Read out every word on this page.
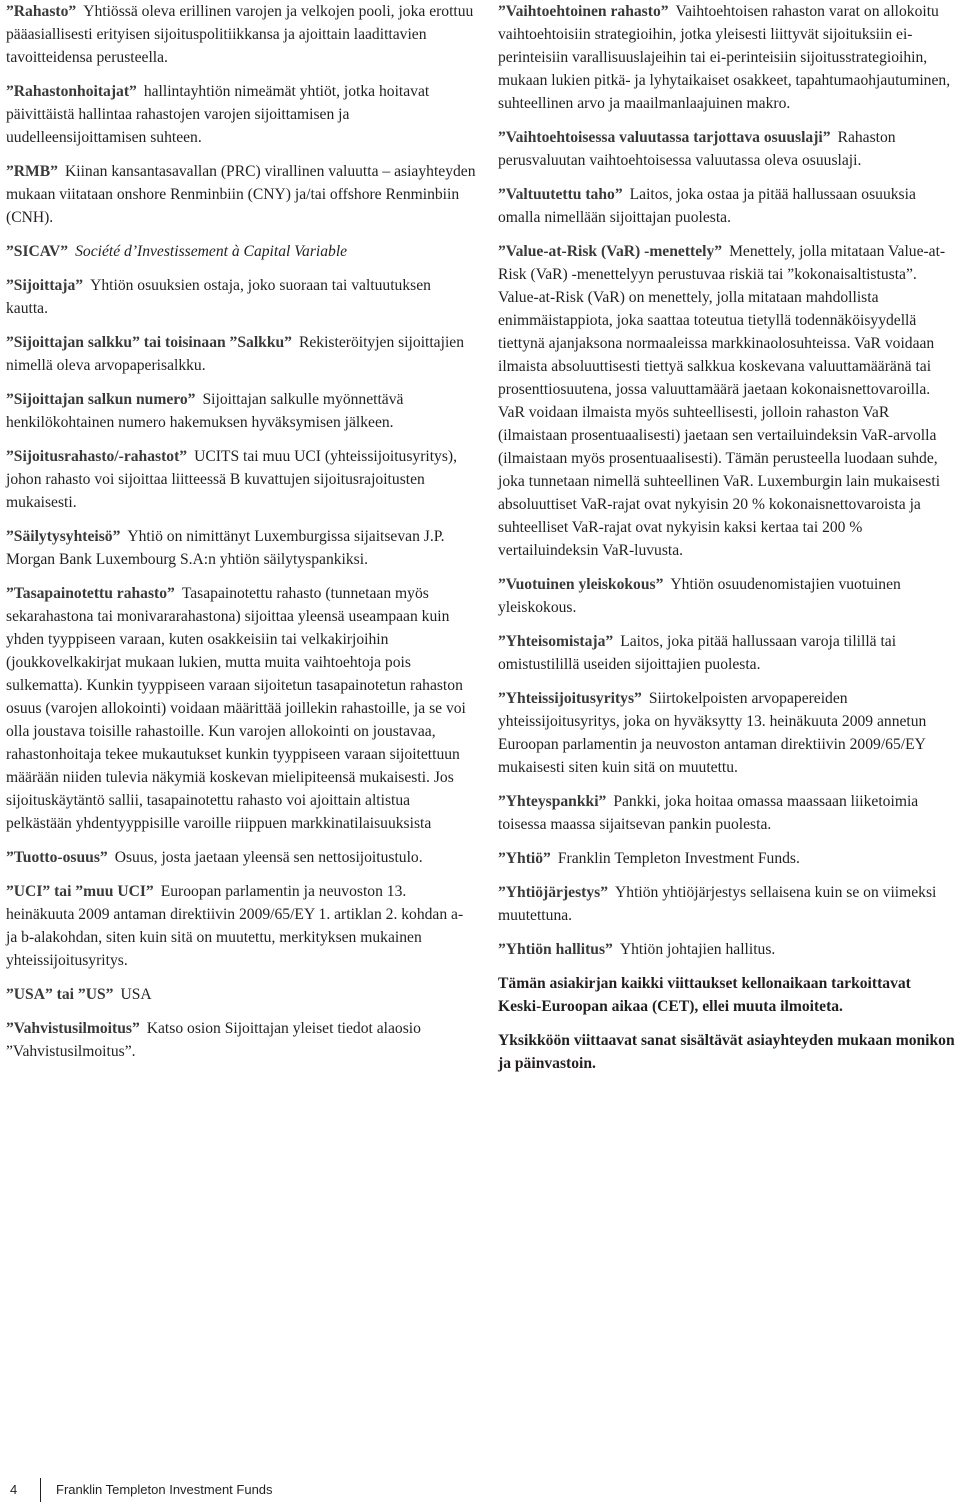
”Rahasto” Yhtiössä oleva erillinen varojen ja velkojen pooli, joka erottuu pääasiallisesti erityisen sijoituspolitiikkansa ja ajoittain laadittavien tavoitteidensa perusteella.

”Rahastonhoitajat” hallintayhtiön nimeämät yhtiöt, jotka hoitavat päivittäistä hallintaa rahastojen varojen sijoittamisen ja uudelleensijoittamisen suhteen.

”RMB” Kiinan kansantasavallan (PRC) virallinen valuutta – asiayhteyden mukaan viitataan onshore Renminbiin (CNY) ja/tai offshore Renminbiin (CNH).

”SICAV” Société d’Investissement à Capital Variable

”Sijoittaja” Yhtiön osuuksien ostaja, joko suoraan tai valtuutuksen kautta.

”Sijoittajan salkku” tai toisinaan ”Salkku” Rekisteröityjen sijoittajien nimellä oleva arvopaperisalkku.

”Sijoittajan salkun numero” Sijoittajan salkulle myönnettävä henkilökohtainen numero hakemuksen hyväksymisen jälkeen.

”Sijoitusrahasto/-rahastot” UCITS tai muu UCI (yhteissijoitusyritys), johon rahasto voi sijoittaa liitteessä B kuvattujen sijoitusrajoitusten mukaisesti.

”Säilytysyhteisö” Yhtiö on nimittänyt Luxemburgissa sijaitsevan J.P. Morgan Bank Luxembourg S.A:n yhtiön säilytyspankiksi.

”Tasapainotettu rahasto” Tasapainotettu rahasto (tunnetaan myös sekarahastona tai monivararahastona) sijoittaa yleensä useampaan kuin yhden tyyppiseen varaan, kuten osakkeisiin tai velkakirjoihin (joukkovelkakirjat mukaan lukien, mutta muita vaihtoehtoja pois sulkematta). Kunkin tyyppiseen varaan sijoitetun tasapainotetun rahaston osuus (varojen allokointi) voidaan määrittää joillekin rahastoille, ja se voi olla joustava toisille rahastoille. Kun varojen allokointi on joustavaa, rahastonhoitaja tekee mukautukset kunkin tyyppiseen varaan sijoitettuun määrään niiden tulevia näkymiä koskevan mielipiteensä mukaisesti. Jos sijoituskäytäntö sallii, tasapainotettu rahasto voi ajoittain altistua pelkästään yhdentyyppisille varoille riippuen markkinatilaisuuksista

”Tuotto-osuus” Osuus, josta jaetaan yleensä sen nettosijoitustulo.

”UCI” tai ”muu UCI” Euroopan parlamentin ja neuvoston 13. heinäkuuta 2009 antaman direktiivin 2009/65/EY 1. artiklan 2. kohdan a- ja b-alakohdan, siten kuin sitä on muutettu, merkityksen mukainen yhteissijoitusyritys.

”USA” tai ”US” USA

”Vahvistusilmoitus” Katso osion Sijoittajan yleiset tiedot alaosio ”Vahvistusilmoitus”.

”Vaihtoehtoinen rahasto” Vaihtoehtoisen rahaston varat on allokoitu vaihtoehtoisiin strategioihin, jotka yleisesti liittyvät sijoituksiin ei-perinteisiin varallisuuslajeihin tai ei-perinteisiin sijoitusstrategioihin, mukaan lukien pitkä- ja lyhytaikaiset osakkeet, tapahtumaohjautuminen, suhteellinen arvo ja maailmanlaajuinen makro.

”Vaihtoehtoisessa valuutassa tarjottava osuuslaji” Rahaston perusvaluutan vaihtoehtoisessa valuutassa oleva osuuslaji.

”Valtuutettu taho” Laitos, joka ostaa ja pitää hallussaan osuuksia omalla nimellään sijoittajan puolesta.

”Value-at-Risk (VaR) -menettely” Menettely, jolla mitataan Value-at-Risk (VaR) -menettelyyn perustuvaa riskiä tai ”kokonaisaltistusta”. Value-at-Risk (VaR) on menettely, jolla mitataan mahdollista enimmäistappiota, joka saattaa toteutua tietyllä todennäköisyydellä tiettynä ajanjaksona normaaleissa markkinaolosuhteissa. VaR voidaan ilmaista absoluuttisesti tiettyä salkkua koskevana valuuttamääränä tai prosenttiosuutena, jossa valuuttamäärä jaetaan kokonaisnettovaroilla. VaR voidaan ilmaista myös suhteellisesti, jolloin rahaston VaR (ilmaistaan prosentuaalisesti) jaetaan sen vertailuindeksin VaR-arvolla (ilmaistaan myös prosentuaalisesti). Tämän perusteella luodaan suhde, joka tunnetaan nimellä suhteellinen VaR. Luxemburgin lain mukaisesti absoluuttiset VaR-rajat ovat nykyisin 20 % kokonaisnettovaroista ja suhteelliset VaR-rajat ovat nykyisin kaksi kertaa tai 200 % vertailuindeksin VaR-luvusta.

”Vuotuinen yleiskokous” Yhtiön osuudenomistajien vuotuinen yleiskokous.

”Yhteisomistaja” Laitos, joka pitää hallussaan varoja tilillä tai omistustilillä useiden sijoittajien puolesta.

”Yhteissijoitusyritys” Siirtokelpoisten arvopapereiden yhteissijoitusyritys, joka on hyväksytty 13. heinäkuuta 2009 annetun Euroopan parlamentin ja neuvoston antaman direktiivin 2009/65/EY mukaisesti siten kuin sitä on muutettu.

”Yhteyspankki” Pankki, joka hoitaa omassa maassaan liiketoimia toisessa maassa sijaitsevan pankin puolesta.

”Yhtiö” Franklin Templeton Investment Funds.

”Yhtiöjärjestys” Yhtiön yhtiöjärjestys sellaisena kuin se on viimeksi muutettuna.

”Yhtiön hallitus” Yhtiön johtajien hallitus.

Tämän asiakirjan kaikki viittaukset kellonaikaan tarkoittavat Keski-Euroopan aikaa (CET), ellei muuta ilmoiteta.

Yksikköön viittaavat sanat sisältävät asiayhteyden mukaan monikon ja päinvastoin.

4	Franklin Templeton Investment Funds
